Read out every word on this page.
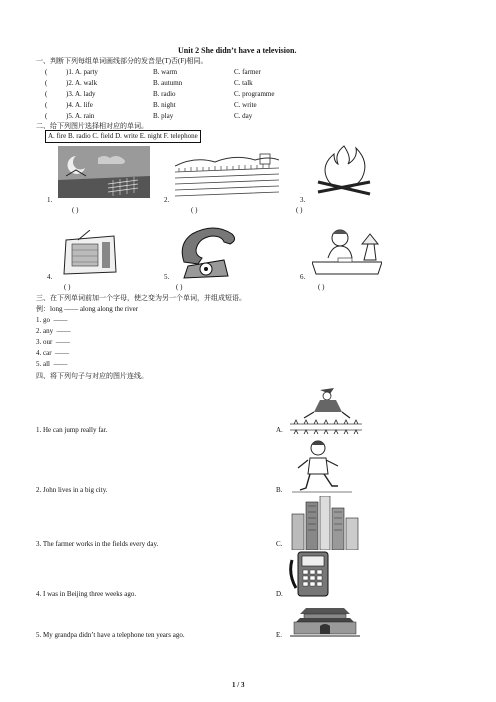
Unit 2 She didn’t have a television.
一、判断下列每组单词画线部分的发音是(T)否(F)相同。
(	)1. A. party	B. warm	C. farmer
(	)2. A. walk	B. autumn	C. talk
(	)3. A. lady	B. radio	C. programme
(	)4. A. life	B. night	C. write
(	)5. A. rain	B. play	C. day
二、给下列图片选择相对应的单词。
A. fire B. radio C. field D. write E. night F. telephone
1.
( )
2.
( )
3.
( )
4.
( )
5.
( )
6.
( )
三、在下列单词前加一个字母，使之变为另一个单词，并组成短语。
例：long —— along along the river
1. go ——
2. any ——
3. our ——
4. car ——
5. all ——
四、将下列句子与对应的图片连线。
1. He can jump really far.
2. John lives in a big city.
3. The farmer works in the fields every day.
4. I was in Beijing three weeks ago.
5. My grandpa didn’t have a telephone ten years ago.
A.
B.
C.
D.
E.
1 / 3
